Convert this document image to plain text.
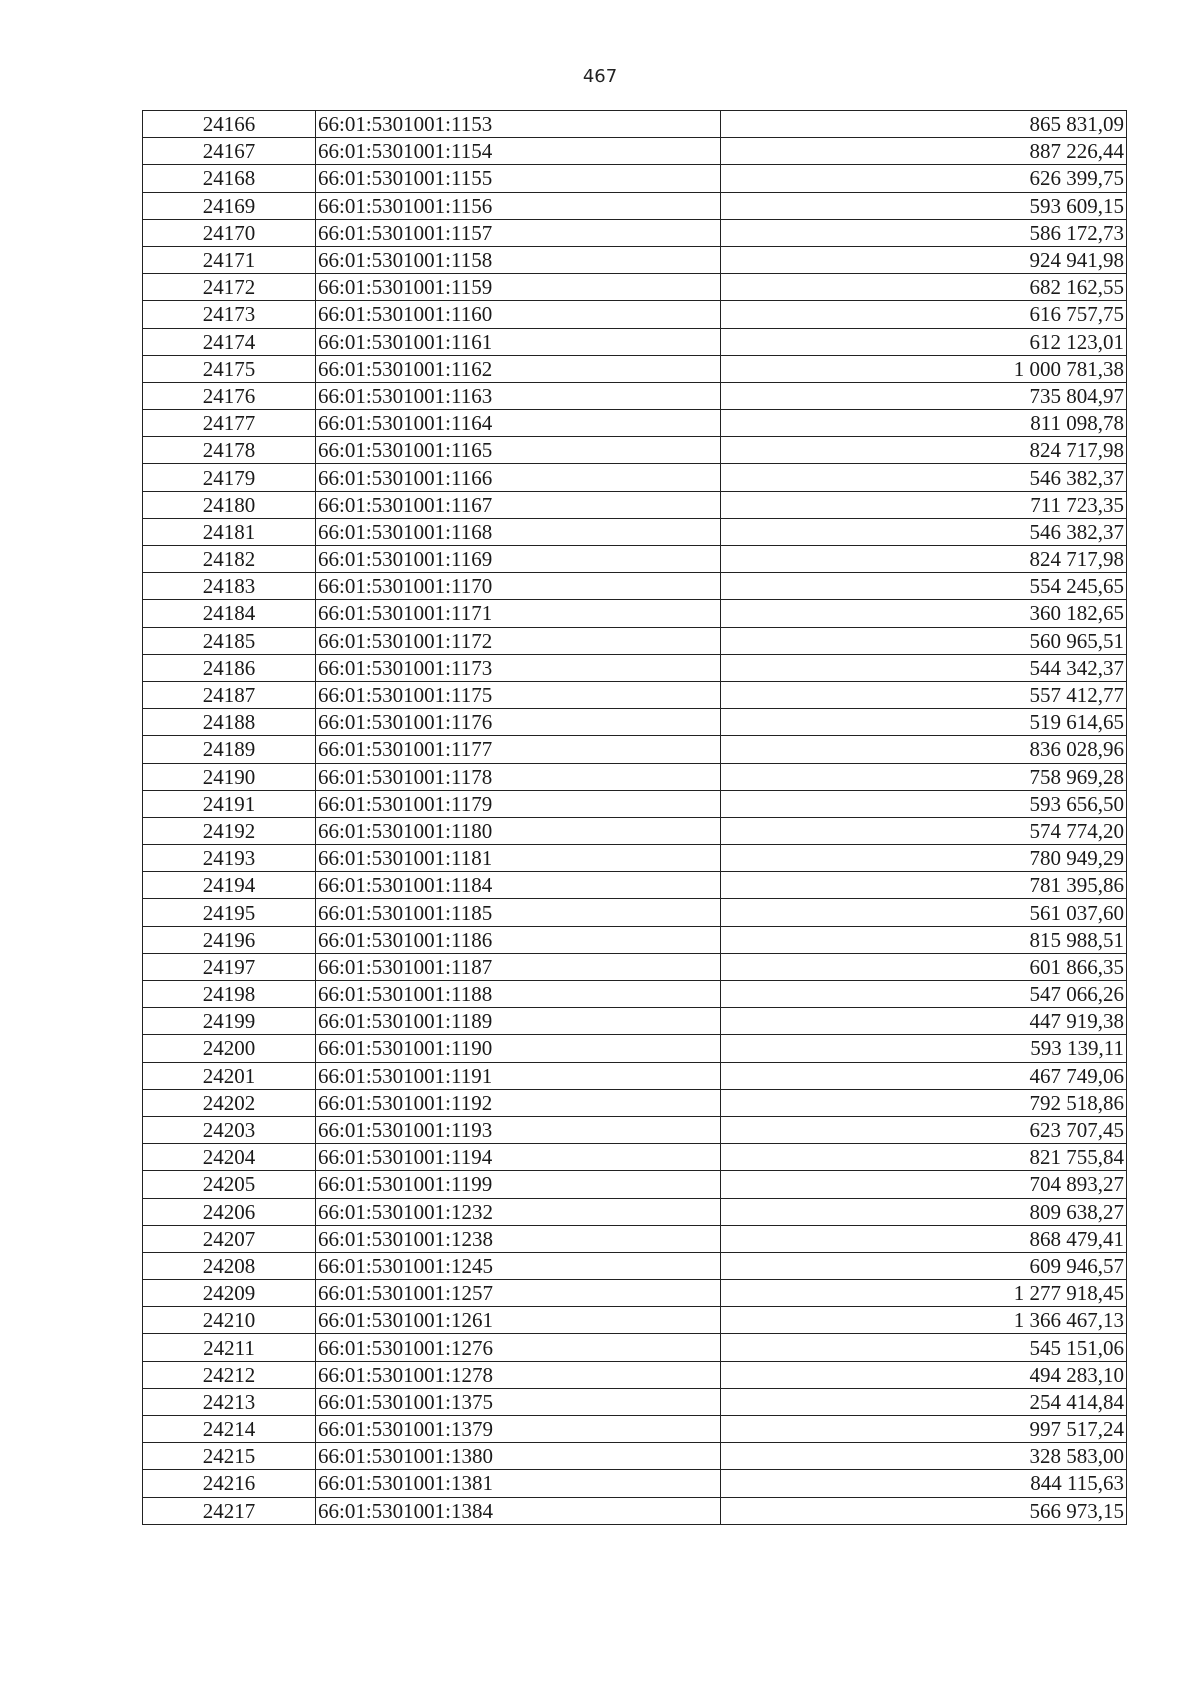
467
24166	66:01:5301001:1153	865 831,09
24167	66:01:5301001:1154	887 226,44
24168	66:01:5301001:1155	626 399,75
24169	66:01:5301001:1156	593 609,15
24170	66:01:5301001:1157	586 172,73
24171	66:01:5301001:1158	924 941,98
24172	66:01:5301001:1159	682 162,55
24173	66:01:5301001:1160	616 757,75
24174	66:01:5301001:1161	612 123,01
24175	66:01:5301001:1162	1 000 781,38
24176	66:01:5301001:1163	735 804,97
24177	66:01:5301001:1164	811 098,78
24178	66:01:5301001:1165	824 717,98
24179	66:01:5301001:1166	546 382,37
24180	66:01:5301001:1167	711 723,35
24181	66:01:5301001:1168	546 382,37
24182	66:01:5301001:1169	824 717,98
24183	66:01:5301001:1170	554 245,65
24184	66:01:5301001:1171	360 182,65
24185	66:01:5301001:1172	560 965,51
24186	66:01:5301001:1173	544 342,37
24187	66:01:5301001:1175	557 412,77
24188	66:01:5301001:1176	519 614,65
24189	66:01:5301001:1177	836 028,96
24190	66:01:5301001:1178	758 969,28
24191	66:01:5301001:1179	593 656,50
24192	66:01:5301001:1180	574 774,20
24193	66:01:5301001:1181	780 949,29
24194	66:01:5301001:1184	781 395,86
24195	66:01:5301001:1185	561 037,60
24196	66:01:5301001:1186	815 988,51
24197	66:01:5301001:1187	601 866,35
24198	66:01:5301001:1188	547 066,26
24199	66:01:5301001:1189	447 919,38
24200	66:01:5301001:1190	593 139,11
24201	66:01:5301001:1191	467 749,06
24202	66:01:5301001:1192	792 518,86
24203	66:01:5301001:1193	623 707,45
24204	66:01:5301001:1194	821 755,84
24205	66:01:5301001:1199	704 893,27
24206	66:01:5301001:1232	809 638,27
24207	66:01:5301001:1238	868 479,41
24208	66:01:5301001:1245	609 946,57
24209	66:01:5301001:1257	1 277 918,45
24210	66:01:5301001:1261	1 366 467,13
24211	66:01:5301001:1276	545 151,06
24212	66:01:5301001:1278	494 283,10
24213	66:01:5301001:1375	254 414,84
24214	66:01:5301001:1379	997 517,24
24215	66:01:5301001:1380	328 583,00
24216	66:01:5301001:1381	844 115,63
24217	66:01:5301001:1384	566 973,15
